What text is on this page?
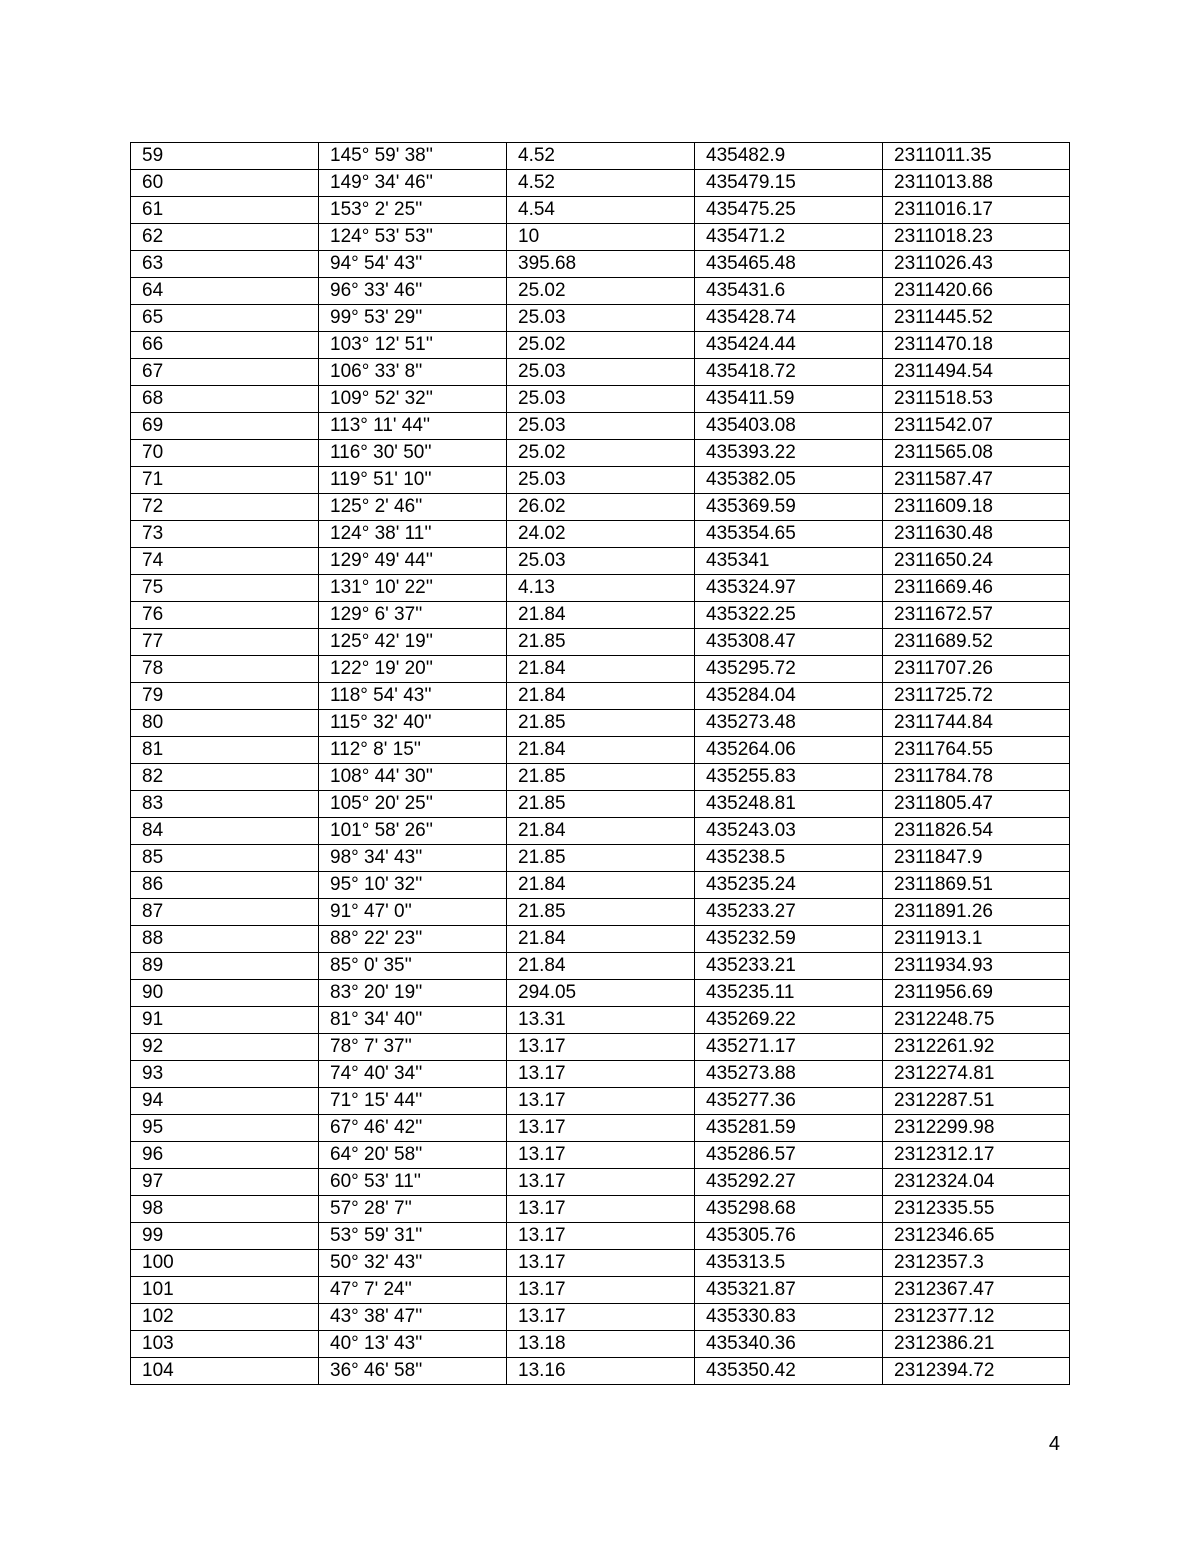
59	145° 59' 38''	4.52	435482.9	2311011.35
60	149° 34' 46''	4.52	435479.15	2311013.88
61	153° 2' 25''	4.54	435475.25	2311016.17
62	124° 53' 53''	10	435471.2	2311018.23
63	94° 54' 43''	395.68	435465.48	2311026.43
64	96° 33' 46''	25.02	435431.6	2311420.66
65	99° 53' 29''	25.03	435428.74	2311445.52
66	103° 12' 51''	25.02	435424.44	2311470.18
67	106° 33' 8''	25.03	435418.72	2311494.54
68	109° 52' 32''	25.03	435411.59	2311518.53
69	113° 11' 44''	25.03	435403.08	2311542.07
70	116° 30' 50''	25.02	435393.22	2311565.08
71	119° 51' 10''	25.03	435382.05	2311587.47
72	125° 2' 46''	26.02	435369.59	2311609.18
73	124° 38' 11''	24.02	435354.65	2311630.48
74	129° 49' 44''	25.03	435341	2311650.24
75	131° 10' 22''	4.13	435324.97	2311669.46
76	129° 6' 37''	21.84	435322.25	2311672.57
77	125° 42' 19''	21.85	435308.47	2311689.52
78	122° 19' 20''	21.84	435295.72	2311707.26
79	118° 54' 43''	21.84	435284.04	2311725.72
80	115° 32' 40''	21.85	435273.48	2311744.84
81	112° 8' 15''	21.84	435264.06	2311764.55
82	108° 44' 30''	21.85	435255.83	2311784.78
83	105° 20' 25''	21.85	435248.81	2311805.47
84	101° 58' 26''	21.84	435243.03	2311826.54
85	98° 34' 43''	21.85	435238.5	2311847.9
86	95° 10' 32''	21.84	435235.24	2311869.51
87	91° 47' 0''	21.85	435233.27	2311891.26
88	88° 22' 23''	21.84	435232.59	2311913.1
89	85° 0' 35''	21.84	435233.21	2311934.93
90	83° 20' 19''	294.05	435235.11	2311956.69
91	81° 34' 40''	13.31	435269.22	2312248.75
92	78° 7' 37''	13.17	435271.17	2312261.92
93	74° 40' 34''	13.17	435273.88	2312274.81
94	71° 15' 44''	13.17	435277.36	2312287.51
95	67° 46' 42''	13.17	435281.59	2312299.98
96	64° 20' 58''	13.17	435286.57	2312312.17
97	60° 53' 11''	13.17	435292.27	2312324.04
98	57° 28' 7''	13.17	435298.68	2312335.55
99	53° 59' 31''	13.17	435305.76	2312346.65
100	50° 32' 43''	13.17	435313.5	2312357.3
101	47° 7' 24''	13.17	435321.87	2312367.47
102	43° 38' 47''	13.17	435330.83	2312377.12
103	40° 13' 43''	13.18	435340.36	2312386.21
104	36° 46' 58''	13.16	435350.42	2312394.72
4
